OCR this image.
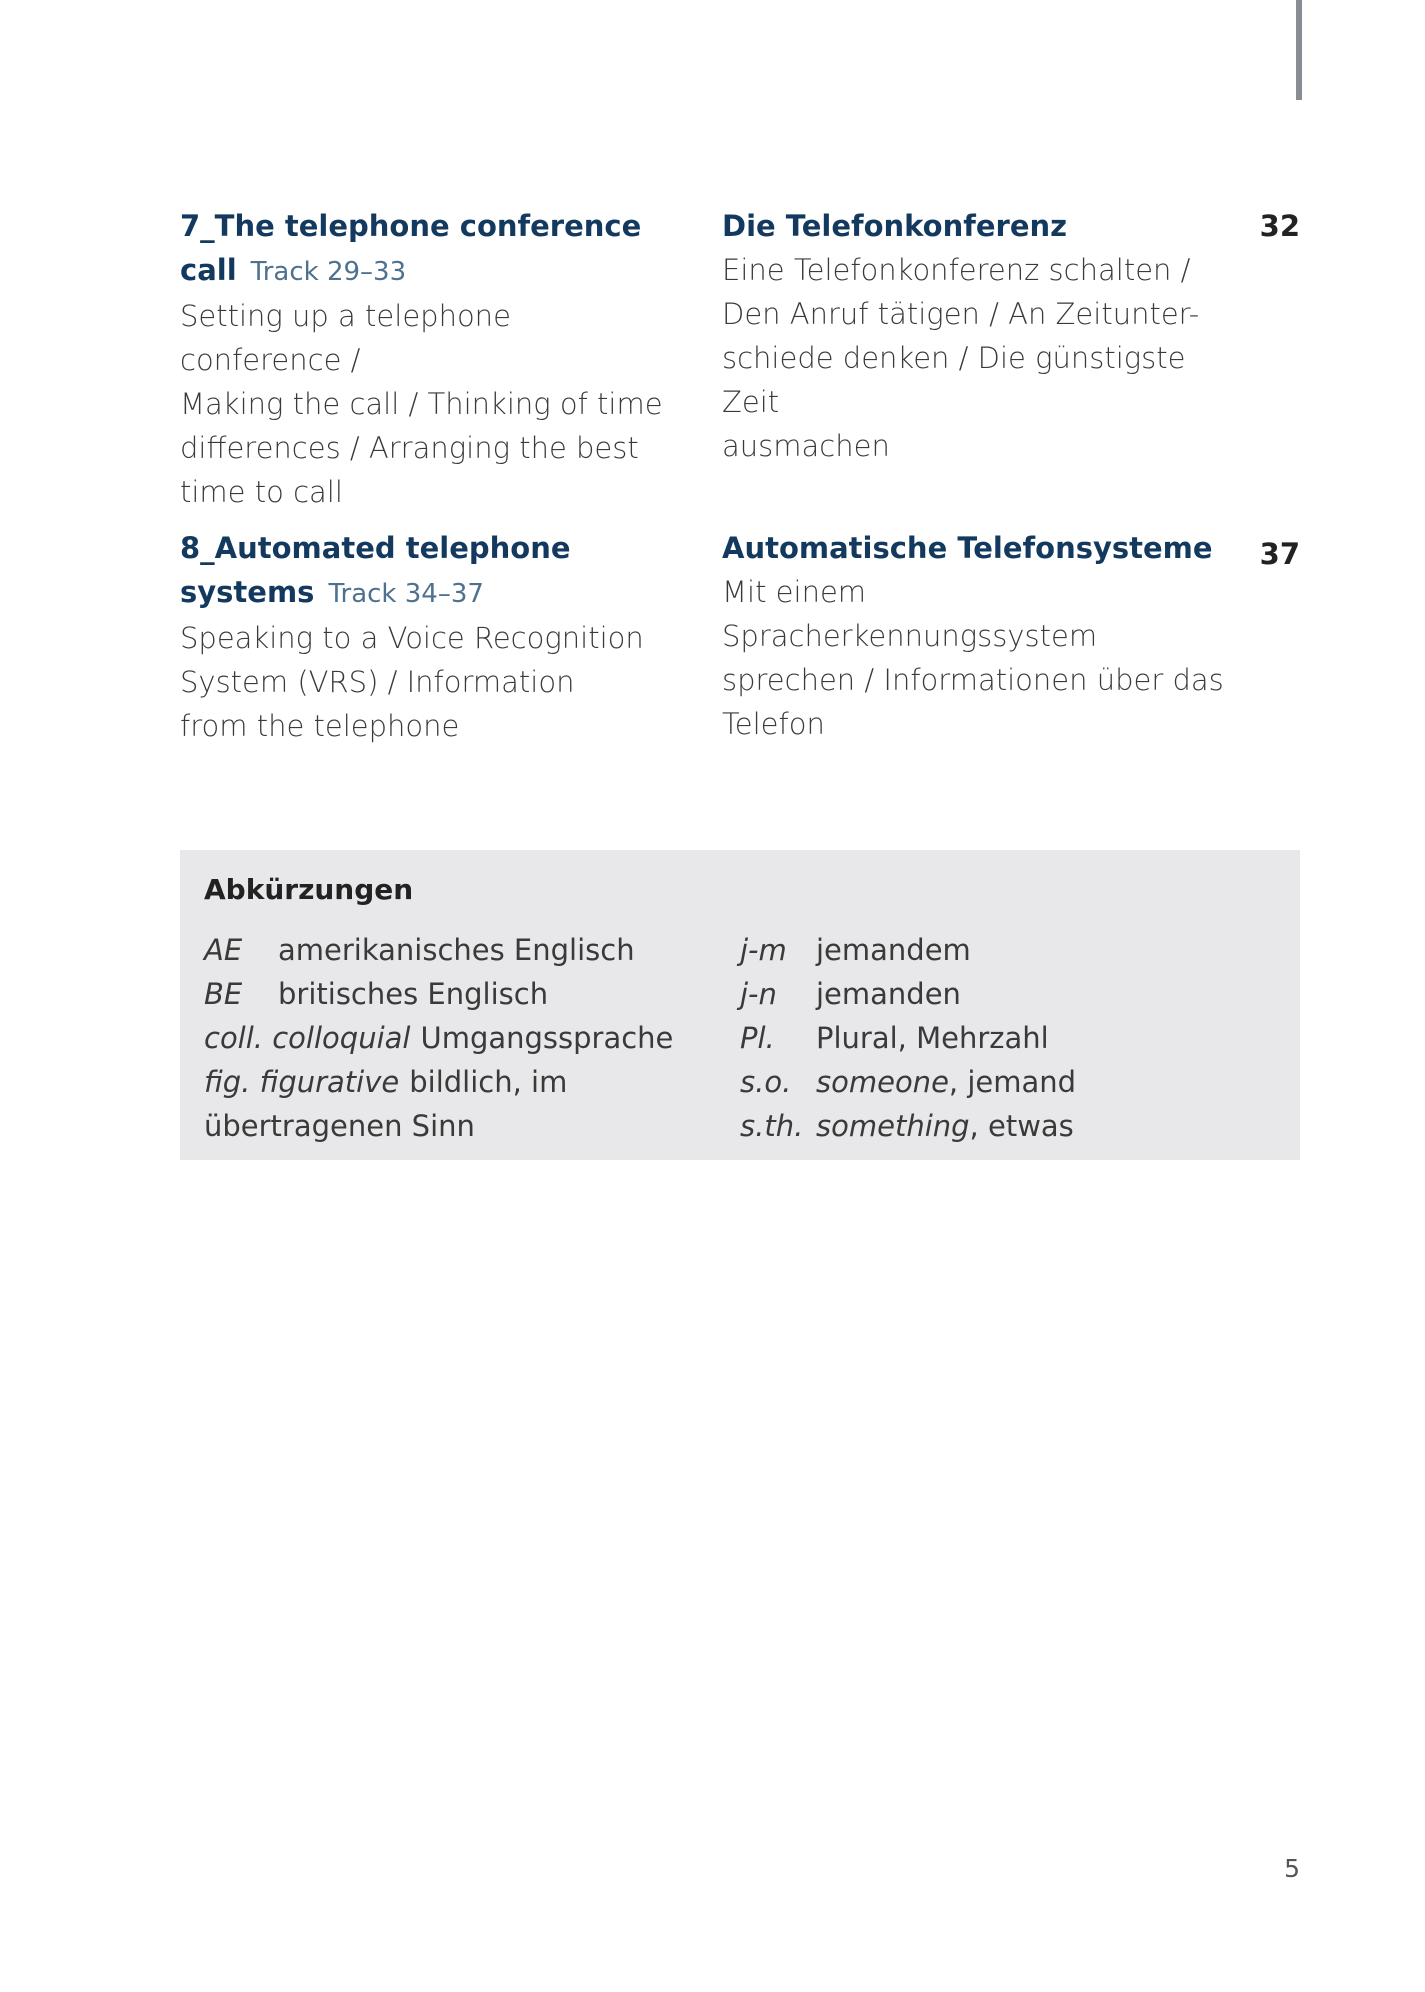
7_The telephone conference
call Track 29–33
Setting up a telephone conference /
Making the call / Thinking of time
differences / Arranging the best
time to call
Die Telefonkonferenz
Eine Telefonkonferenz schalten /
Den Anruf tätigen / An Zeitunter-
schiede denken / Die günstigste Zeit
ausmachen
32
8_Automated telephone
systems Track 34–37
Speaking to a Voice Recognition
System (VRS) / Information
from the telephone
Automatische Telefonsysteme
Mit einem Spracherkennungssystem
sprechen / Informationen über das
Telefon
37
Abkürzungen
AE amerikanisches Englisch
BE britisches Englisch
coll. colloquial Umgangssprache
fig. figurative bildlich, im
übertragenen Sinn
j-m jemandem
j-n jemanden
Pl. Plural, Mehrzahl
s.o. someone, jemand
s.th. something, etwas
5
